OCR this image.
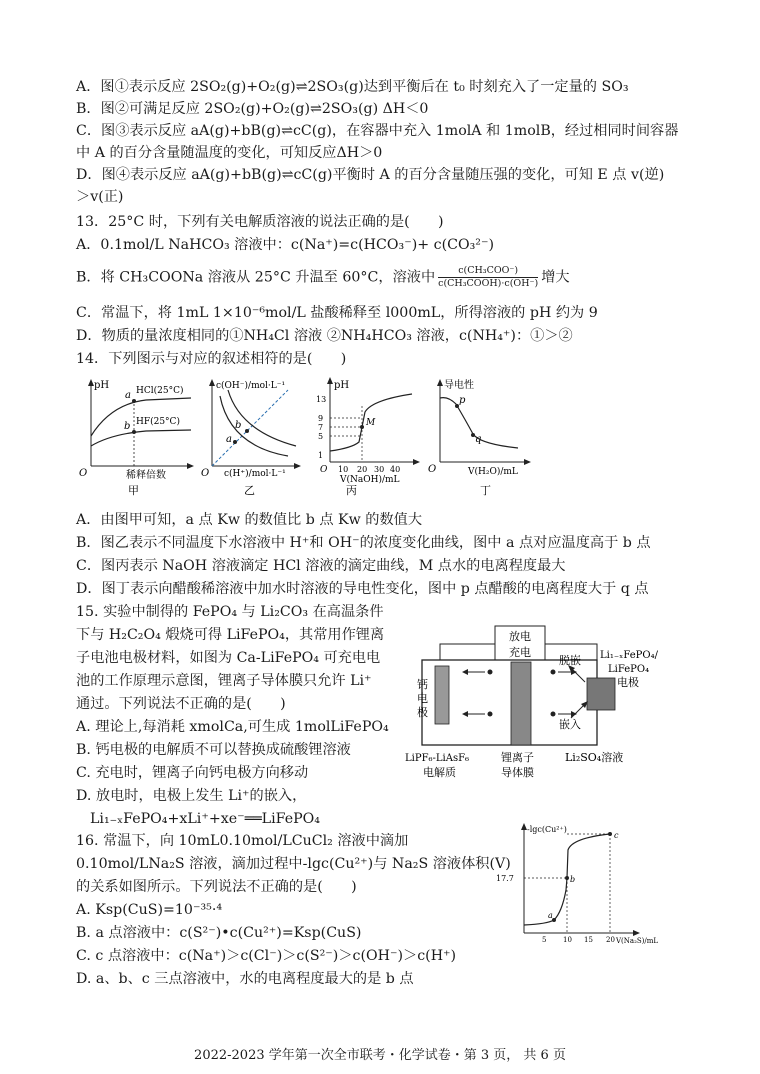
A．图①表示反应 2SO₂(g)+O₂(g)⇌2SO₃(g)达到平衡后在 t₀ 时刻充入了一定量的 SO₃
B．图②可满足反应 2SO₂(g)+O₂(g)⇌2SO₃(g) ΔH＜0
C．图③表示反应 aA(g)+bB(g)⇌cC(g)，在容器中充入 1molA 和 1molB，经过相同时间容器
中 A 的百分含量随温度的变化，可知反应ΔH＞0
D．图④表示反应 aA(g)+bB(g)⇌cC(g)平衡时 A 的百分含量随压强的变化，可知 E 点 v(逆)
＞v(正)
13．25°C 时，下列有关电解质溶液的说法正确的是(　　)
A．0.1mol/L NaHCO₃ 溶液中：c(Na⁺)=c(HCO₃⁻)+ c(CO₃²⁻)
B．将 CH₃COONa 溶液从 25°C 升温至 60°C，溶液中 $\frac{\text{c(CH₃COO⁻)}}{\text{c(CH₃COOH)·c(OH⁻)}}$ 增大
C．常温下，将 1mL 1×10⁻⁶mol/L 盐酸稀释至 l000mL，所得溶液的 pH 约为 9
D．物质的量浓度相同的①NH₄Cl 溶液 ②NH₄HCO₃ 溶液，c(NH₄⁺)：①＞②
14．下列图示与对应的叙述相符的是(　　)
pH
a
b
HCl(25°C)
HF(25°C)
O	稀释倍数
甲
c(OH⁻)/mol·L⁻¹
a
b
O c(H⁺)/mol·L⁻¹
乙
pH
13
9
7
5
1
M
10 20 30 40
O
V(NaOH)/mL
丙
导电性
p
q
O	V(H₂O)/mL
丁
A．由图甲可知，a 点 Kw 的数值比 b 点 Kw 的数值大
B．图乙表示不同温度下水溶液中 H⁺和 OH⁻的浓度变化曲线，图中 a 点对应温度高于 b 点
C．图丙表示 NaOH 溶液滴定 HCl 溶液的滴定曲线，M 点水的电离程度最大
D．图丁表示向醋酸稀溶液中加水时溶液的导电性变化，图中 p 点醋酸的电离程度大于 q 点
15. 实验中制得的 FePO₄ 与 Li₂CO₃ 在高温条件
下与 H₂C₂O₄ 煅烧可得 LiFePO₄，其常用作锂离
子电池电极材料，如图为 Ca-LiFePO₄ 可充电电
池的工作原理示意图，锂离子导体膜只允许 Li⁺
通过。下列说法不正确的是(　　)
A. 理论上,每消耗 xmolCa,可生成 1molLiFePO₄
B. 钙电极的电解质不可以替换成硫酸锂溶液
C. 充电时，锂离子向钙电极方向移动
D. 放电时，电极上发生 Li⁺的嵌入，
Li₁₋ₓFePO₄+xLi⁺+xe⁻══LiFePO₄
放电
充电
钙
电
极
Li₁₋ₓFePO₄/
LiFePO₄
电极
脱嵌
嵌入
LiPF₆-LiAsF₆
电解质
锂离子
导体膜
Li₂SO₄溶液
16. 常温下，向 10mL0.10mol/LCuCl₂ 溶液中滴加
0.10mol/LNa₂S 溶液，滴加过程中-lgc(Cu²⁺)与 Na₂S 溶液体积(V)
的关系如图所示。下列说法不正确的是(　　)
A. Ksp(CuS)=10⁻³⁵·⁴
B. a 点溶液中：c(S²⁻)•c(Cu²⁺)=Ksp(CuS)
C. c 点溶液中：c(Na⁺)＞c(Cl⁻)＞c(S²⁻)＞c(OH⁻)＞c(H⁺)
D. a、b、c 三点溶液中，水的电离程度最大的是 b 点
-lgc(Cu²⁺)
17.7
a
b
c
5 10 15 20 V(Na₂S)/mL
2022-2023 学年第一次全市联考・化学试卷・第 3 页， 共 6 页
